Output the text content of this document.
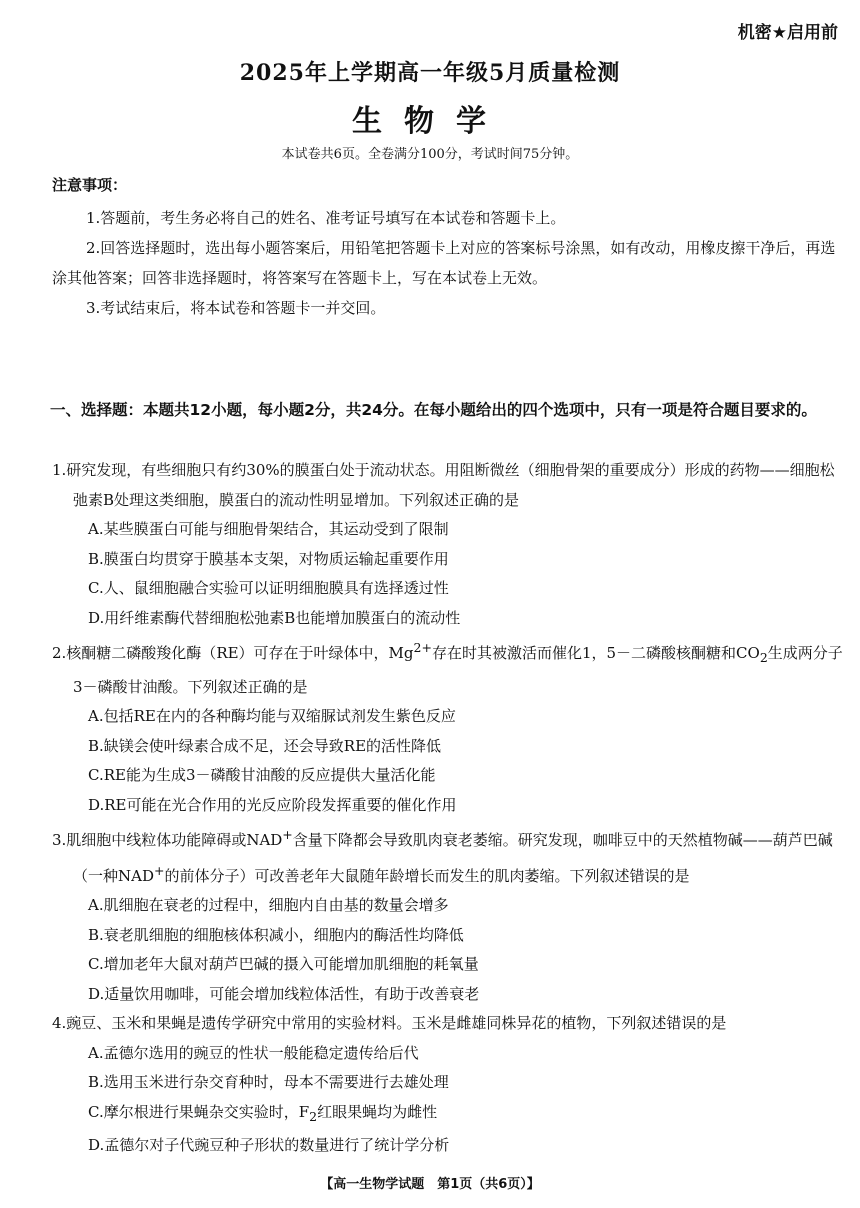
机密★启用前
2025年上学期高一年级5月质量检测
生物学
本试卷共6页。全卷满分100分，考试时间75分钟。
注意事项：

1.答题前，考生务必将自己的姓名、准考证号填写在本试卷和答题卡上。

2.回答选择题时，选出每小题答案后，用铅笔把答题卡上对应的答案标号涂黑，如有改动，用橡皮擦干净后，再选涂其他答案；回答非选择题时，将答案写在答题卡上，写在本试卷上无效。

3.考试结束后，将本试卷和答题卡一并交回。

一、选择题：本题共12小题，每小题2分，共24分。在每小题给出的四个选项中，只有一项是符合题目要求的。

1.研究发现，有些细胞只有约30%的膜蛋白处于流动状态。用阻断微丝（细胞骨架的重要成分）形成的药物——细胞松弛素B处理这类细胞，膜蛋白的流动性明显增加。下列叙述正确的是

A.某些膜蛋白可能与细胞骨架结合，其运动受到了限制

B.膜蛋白均贯穿于膜基本支架，对物质运输起重要作用

C.人、鼠细胞融合实验可以证明细胞膜具有选择透过性

D.用纤维素酶代替细胞松弛素B也能增加膜蛋白的流动性

2.核酮糖二磷酸羧化酶（RE）可存在于叶绿体中，$Mg^{2+}$存在时其被激活而催化1，5－二磷酸核酮糖和$CO_2$生成两分子3－磷酸甘油酸。下列叙述正确的是

A.包括RE在内的各种酶均能与双缩脲试剂发生紫色反应

B.缺镁会使叶绿素合成不足，还会导致RE的活性降低

C.RE能为生成3－磷酸甘油酸的反应提供大量活化能

D.RE可能在光合作用的光反应阶段发挥重要的催化作用

3.肌细胞中线粒体功能障碍或NAD+含量下降都会导致肌肉衰老萎缩。研究发现，咖啡豆中的天然植物碱——葫芦巴碱（一种NAD+的前体分子）可改善老年大鼠随年龄增长而发生的肌肉萎缩。下列叙述错误的是

A.肌细胞在衰老的过程中，细胞内自由基的数量会增多

B.衰老肌细胞的细胞核体积减小，细胞内的酶活性均降低

C.增加老年大鼠对葫芦巴碱的摄入可能增加肌细胞的耗氧量

D.适量饮用咖啡，可能会增加线粒体活性，有助于改善衰老

4.豌豆、玉米和果蝇是遗传学研究中常用的实验材料。玉米是雌雄同株异花的植物，下列叙述错误的是

A.孟德尔选用的豌豆的性状一般能稳定遗传给后代

B.选用玉米进行杂交育种时，母本不需要进行去雄处理

C.摩尔根进行果蝇杂交实验时，$F_2$红眼果蝇均为雌性

D.孟德尔对子代豌豆种子形状的数量进行了统计学分析

【高一生物学试题　第1页（共6页）】
